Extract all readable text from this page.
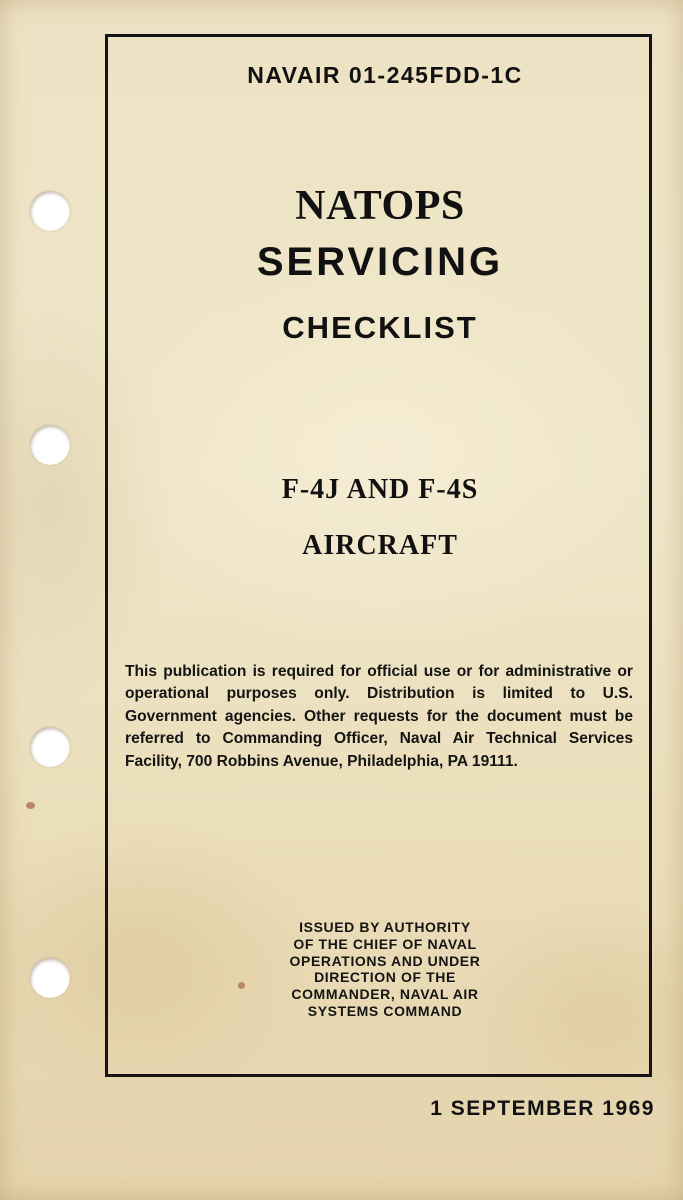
NAVAIR 01-245FDD-1C
NATOPS
SERVICING
CHECKLIST
F-4J AND F-4S
AIRCRAFT

This publication is required for official use or for administrative or operational purposes only. Distribution is limited to U.S. Government agencies. Other requests for the document must be referred to Commanding Officer, Naval Air Technical Services Facility, 700 Robbins Avenue, Philadelphia, PA 19111.

ISSUED BY AUTHORITY
OF THE CHIEF OF NAVAL
OPERATIONS AND UNDER
DIRECTION OF THE
COMMANDER, NAVAL AIR
SYSTEMS COMMAND
1 SEPTEMBER 1969
